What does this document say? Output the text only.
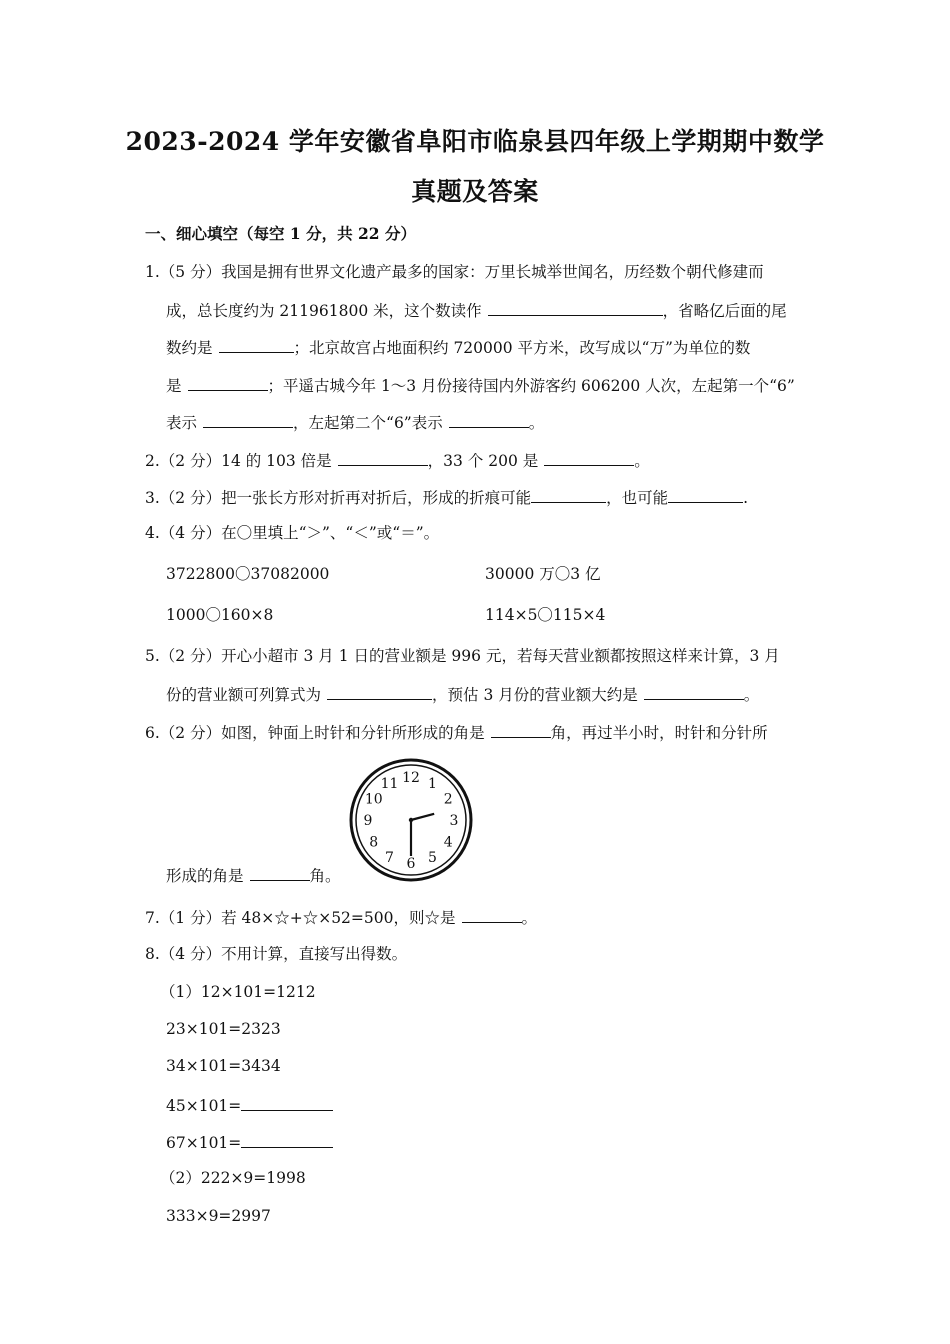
2023-2024 学年安徽省阜阳市临泉县四年级上学期期中数学
真题及答案
一、细心填空（每空 1 分，共 22 分）
1.（5 分）我国是拥有世界文化遗产最多的国家：万里长城举世闻名，历经数个朝代修建而
成，总长度约为 211961800 米，这个数读作	，省略亿后面的尾
数约是	；北京故宫占地面积约 720000 平方米，改写成以“万”为单位的数
是	；平遥古城今年 1～3 月份接待国内外游客约 606200 人次，左起第一个“6”
表示	，左起第二个“6”表示	。
2.（2 分）14 的 103 倍是	，33 个 200 是	。
3.（2 分）把一张长方形对折再对折后，形成的折痕可能	，也可能	.
4.（4 分）在〇里填上“＞”、“＜”或“＝”。
3722800〇37082000	30000 万〇3 亿
1000〇160×8	114×5〇115×4
5.（2 分）开心小超市 3 月 1 日的营业额是 996 元，若每天营业额都按照这样来计算，3 月
份的营业额可列算式为	，预估 3 月份的营业额大约是	。
6.（2 分）如图，钟面上时针和分针所形成的角是	角，再过半小时，时针和分针所
12 1
2
3
4
5
6
7
8
9
10
11
形成的角是	角。
7.（1 分）若 48×☆+☆×52=500，则☆是	。
8.（4 分）不用计算，直接写出得数。
（1）12×101=1212
23×101=2323
34×101=3434
45×101=
67×101=
（2）222×9=1998
333×9=2997
